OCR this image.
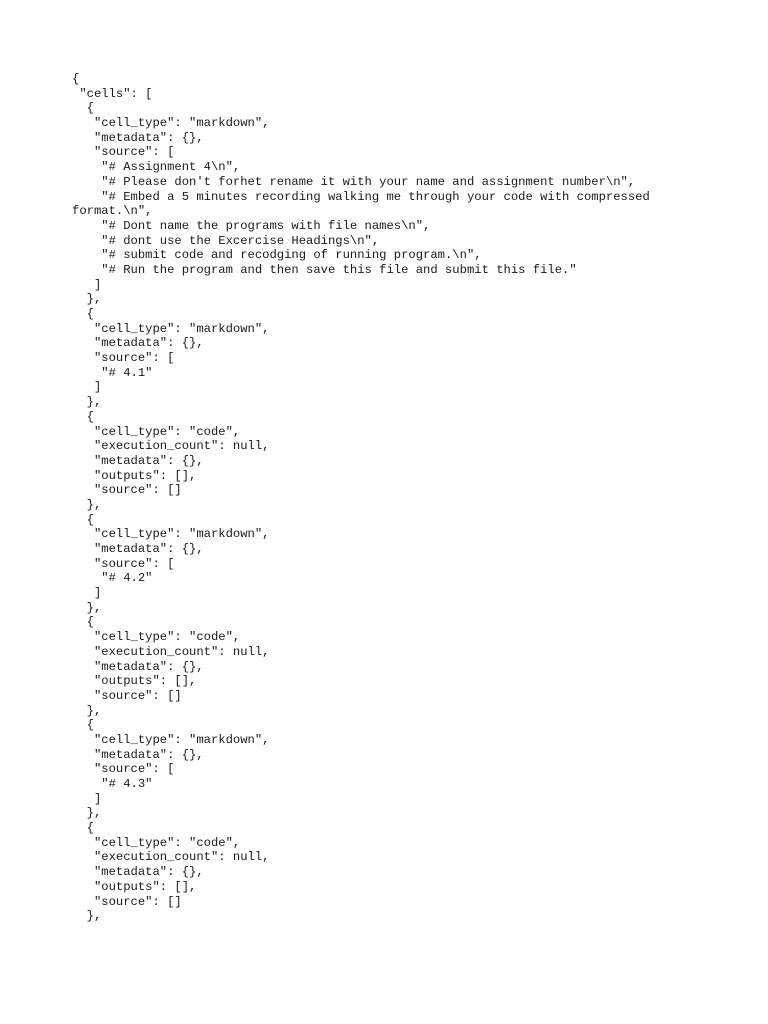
{
"cells": [
{
"cell_type": "markdown",
"metadata": {},
"source": [
"# Assignment 4\n",
"# Please don't forhet rename it with your name and assignment number\n",
"# Embed a 5 minutes recording walking me through your code with compressed
format.\n",
"# Dont name the programs with file names\n",
"# dont use the Excercise Headings\n",
"# submit code and recodging of running program.\n",
"# Run the program and then save this file and submit this file."
]
},
{
"cell_type": "markdown",
"metadata": {},
"source": [
"# 4.1"
]
},
{
"cell_type": "code",
"execution_count": null,
"metadata": {},
"outputs": [],
"source": []
},
{
"cell_type": "markdown",
"metadata": {},
"source": [
"# 4.2"
]
},
{
"cell_type": "code",
"execution_count": null,
"metadata": {},
"outputs": [],
"source": []
},
{
"cell_type": "markdown",
"metadata": {},
"source": [
"# 4.3"
]
},
{
"cell_type": "code",
"execution_count": null,
"metadata": {},
"outputs": [],
"source": []
},
